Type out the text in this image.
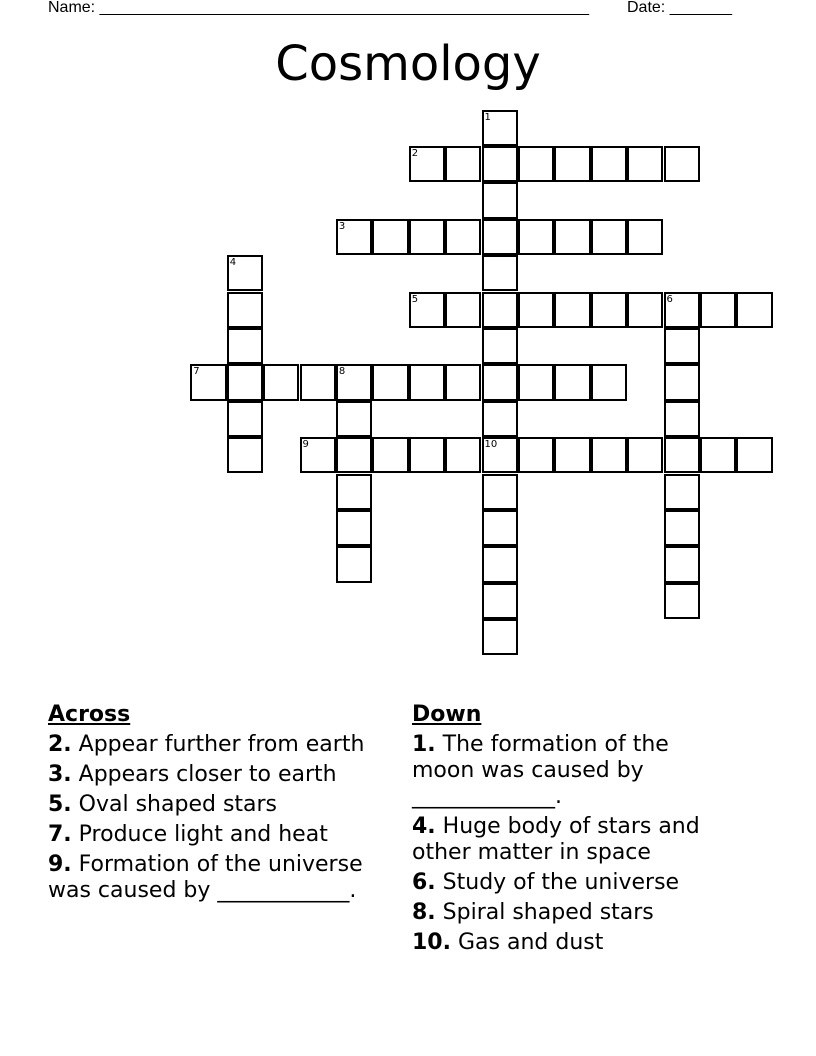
Name: _______________________________________________________ Date: _______
Cosmology
1
10
2
3
4
5	6
7	8
9
Across
2. Appear further from earth
3. Appears closer to earth
5. Oval shaped stars
7. Produce light and heat
9. Formation of the universe was caused by ____________.
Down
1. The formation of the moon was caused by _____________.
4. Huge body of stars and other matter in space
6. Study of the universe
8. Spiral shaped stars
10. Gas and dust
